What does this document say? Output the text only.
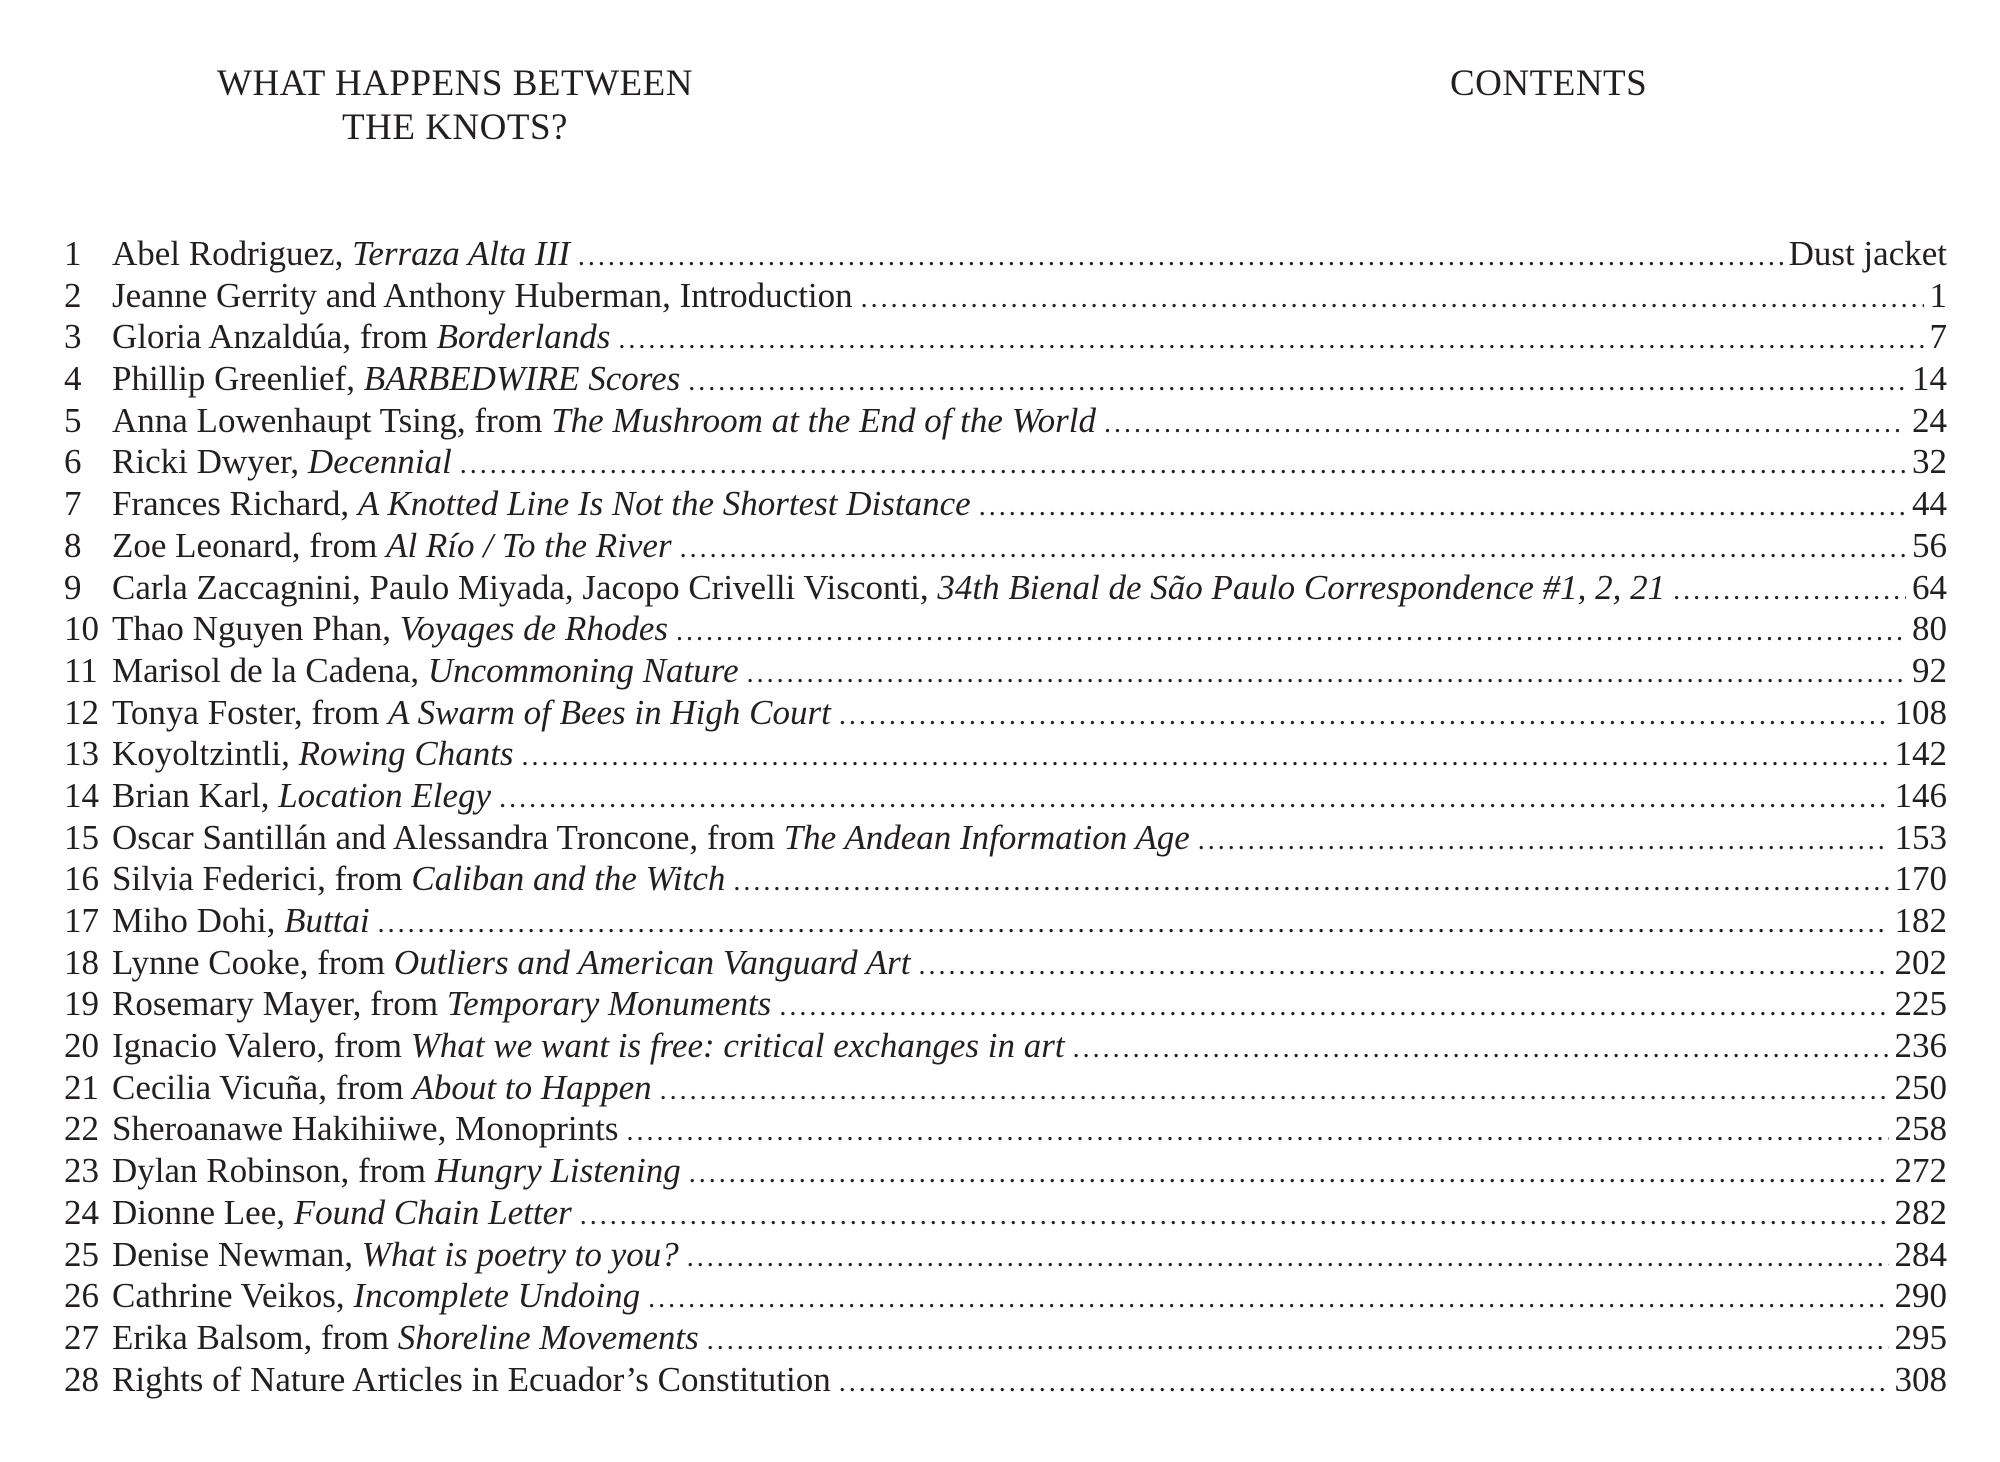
WHAT HAPPENS BETWEEN
THE KNOTS?
CONTENTS
1 Abel Rodriguez, Terraza Alta III .....	Dust jacket
2 Jeanne Gerrity and Anthony Huberman, Introduction .....	1
3 Gloria Anzaldúa, from Borderlands .....	7
4 Phillip Greenlief, BARBEDWIRE Scores .....	14
5 Anna Lowenhaupt Tsing, from The Mushroom at the End of the World .....	24
6 Ricki Dwyer, Decennial .....	32
7 Frances Richard, A Knotted Line Is Not the Shortest Distance .....	44
8 Zoe Leonard, from Al Río / To the River .....	56
9 Carla Zaccagnini, Paulo Miyada, Jacopo Crivelli Visconti, 34th Bienal de São Paulo Correspondence #1, 2, 21 .....	64
10 Thao Nguyen Phan, Voyages de Rhodes .....	80
11 Marisol de la Cadena, Uncommoning Nature .....	92
12 Tonya Foster, from A Swarm of Bees in High Court .....	108
13 Koyoltzintli, Rowing Chants .....	142
14 Brian Karl, Location Elegy .....	146
15 Oscar Santillán and Alessandra Troncone, from The Andean Information Age .....	153
16 Silvia Federici, from Caliban and the Witch .....	170
17 Miho Dohi, Buttai .....	182
18 Lynne Cooke, from Outliers and American Vanguard Art .....	202
19 Rosemary Mayer, from Temporary Monuments .....	225
20 Ignacio Valero, from What we want is free: critical exchanges in art .....	236
21 Cecilia Vicuña, from About to Happen .....	250
22 Sheroanawe Hakihiiwe, Monoprints .....	258
23 Dylan Robinson, from Hungry Listening .....	272
24 Dionne Lee, Found Chain Letter .....	282
25 Denise Newman, What is poetry to you? .....	284
26 Cathrine Veikos, Incomplete Undoing .....	290
27 Erika Balsom, from Shoreline Movements .....	295
28 Rights of Nature Articles in Ecuador’s Constitution .....	308
